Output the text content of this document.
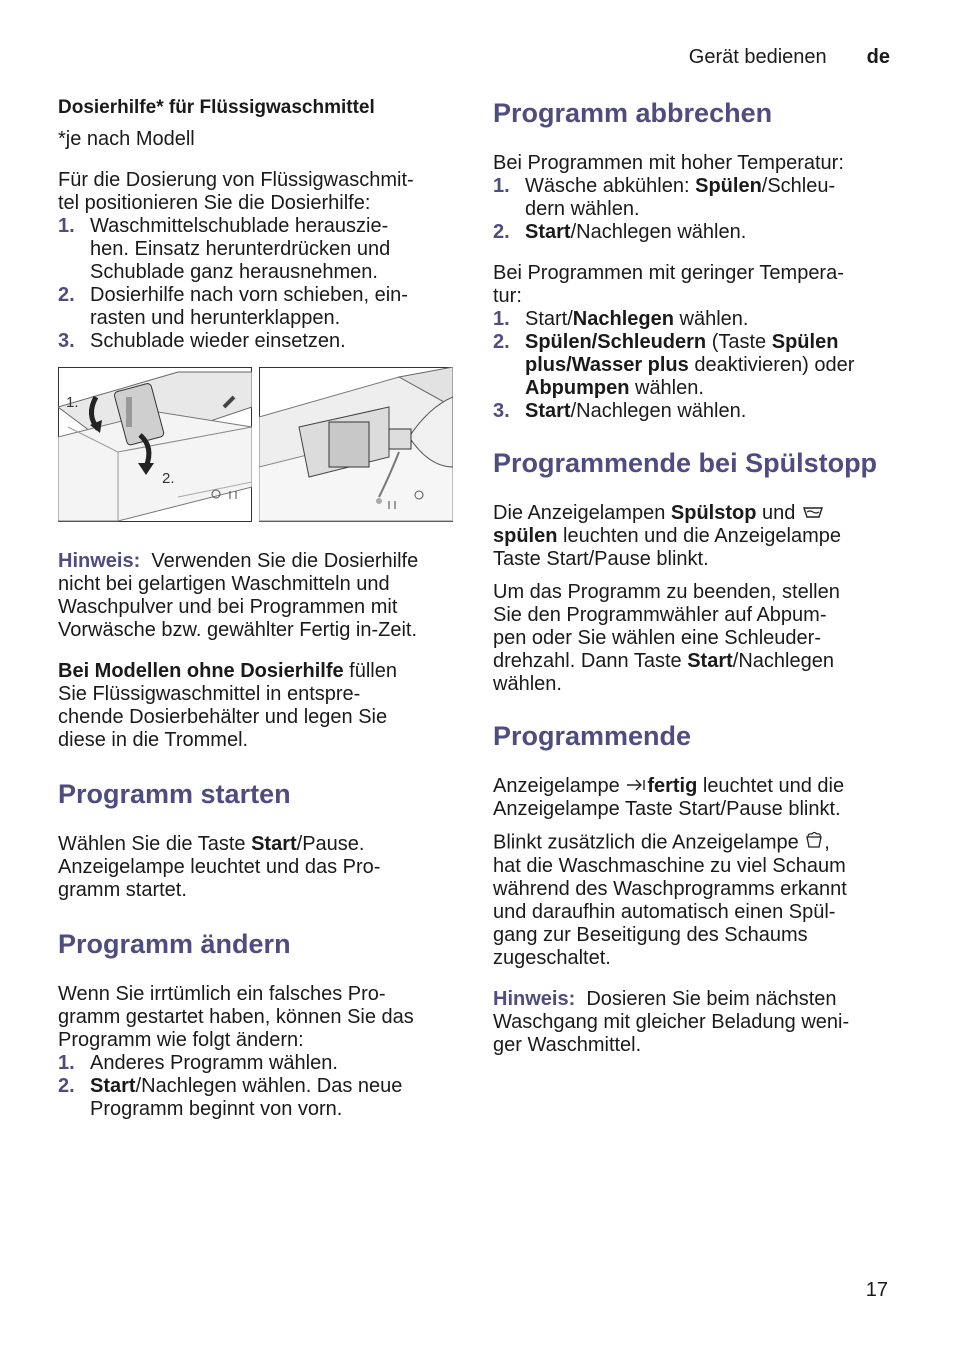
Gerät bedienen de
Dosierhilfe* für Flüssigwaschmittel

*je nach Modell

Für die Dosierung von Flüssigwaschmit-
tel positionieren Sie die Dosierhilfe:

1. Waschmittelschublade herauszie-
hen. Einsatz herunterdrücken und
Schublade ganz herausnehmen.
2. Dosierhilfe nach vorn schieben, ein-
rasten und herunterklappen.
3. Schublade wieder einsetzen.
1.
2.

Hinweis:  Verwenden Sie die Dosierhilfe
nicht bei gelartigen Waschmitteln und
Waschpulver und bei Programmen mit
Vorwäsche bzw. gewählter Fertig in-Zeit.

Bei Modellen ohne Dosierhilfe füllen
Sie Flüssigwaschmittel in entspre-
chende Dosierbehälter und legen Sie
diese in die Trommel.

Programm starten

Wählen Sie die Taste Start/Pause.
Anzeigelampe leuchtet und das Pro-
gramm startet.

Programm ändern

Wenn Sie irrtümlich ein falsches Pro-
gramm gestartet haben, können Sie das
Programm wie folgt ändern:

1. Anderes Programm wählen.
2. Start/Nachlegen wählen. Das neue
Programm beginnt von vorn.
Programm abbrechen

Bei Programmen mit hoher Temperatur:

1. Wäsche abkühlen: Spülen/Schleu-
dern wählen.
2. Start/Nachlegen wählen.

Bei Programmen mit geringer Tempera-
tur:

1. Start/Nachlegen wählen.
2. Spülen/Schleudern (Taste Spülen
plus/Wasser plus deaktivieren) oder
Abpumpen wählen.
3. Start/Nachlegen wählen.
Programmende bei Spülstopp

Die Anzeigelampen Spülstop und
spülen leuchten und die Anzeigelampe
Taste Start/Pause blinkt.

Um das Programm zu beenden, stellen
Sie den Programmwähler auf Abpum-
pen oder Sie wählen eine Schleuder-
drehzahl. Dann Taste Start/Nachlegen
wählen.

Programmende

Anzeigelampe fertig leuchtet und die
Anzeigelampe Taste Start/Pause blinkt.

Blinkt zusätzlich die Anzeigelampe ,
hat die Waschmaschine zu viel Schaum
während des Waschprogramms erkannt
und daraufhin automatisch einen Spül-
gang zur Beseitigung des Schaums
zugeschaltet.

Hinweis:  Dosieren Sie beim nächsten
Waschgang mit gleicher Beladung weni-
ger Waschmittel.

17
